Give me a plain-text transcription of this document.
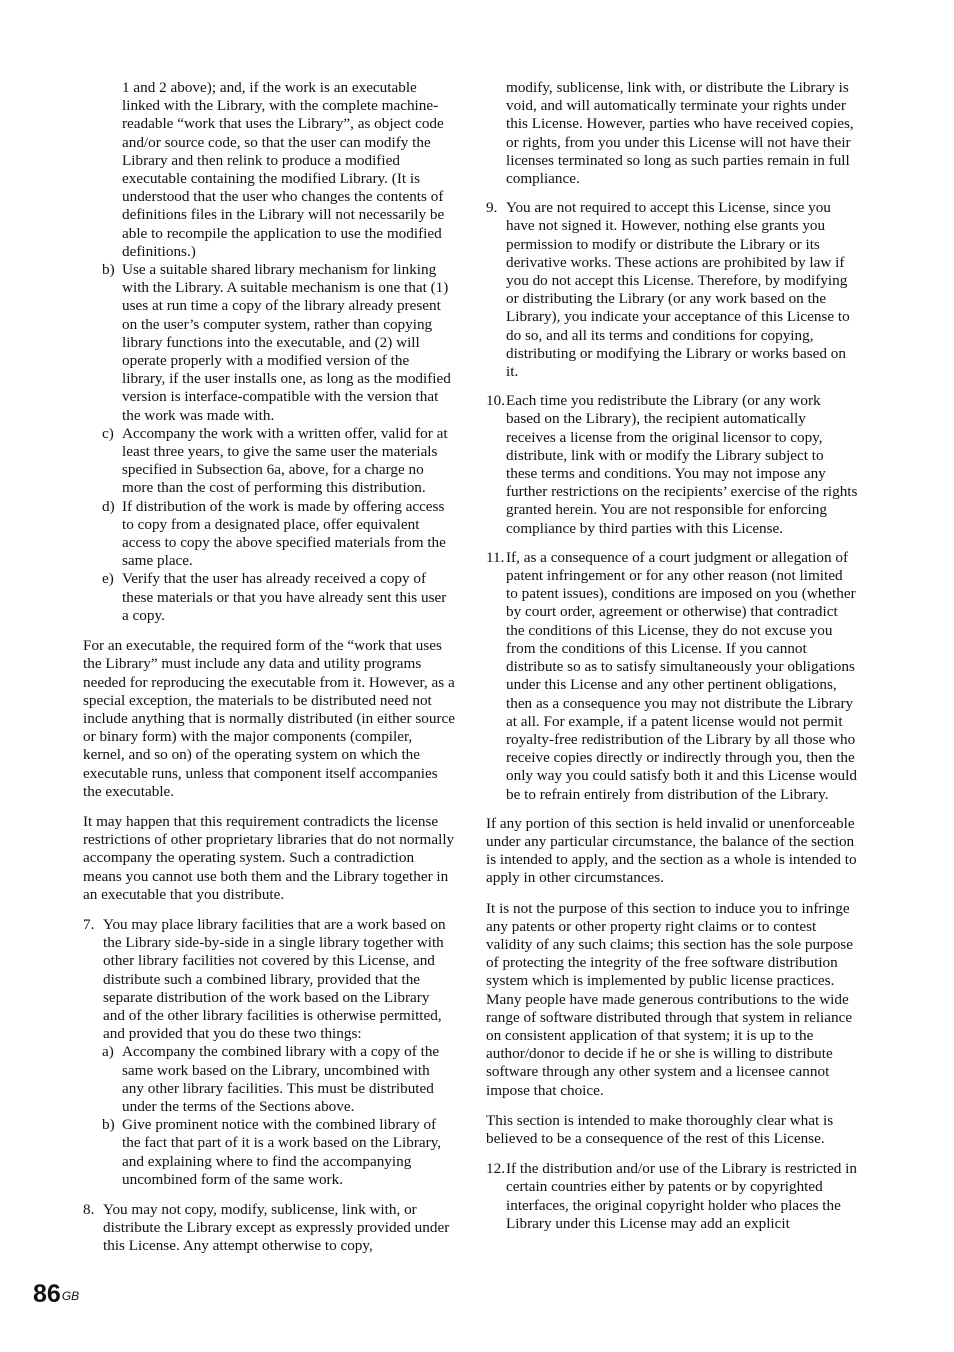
1 and 2 above); and, if the work is an executable linked with the Library, with the complete machine-readable “work that uses the Library”, as object code and/or source code, so that the user can modify the Library and then relink to produce a modified executable containing the modified Library. (It is understood that the user who changes the contents of definitions files in the Library will not necessarily be able to recompile the application to use the modified definitions.)
b) Use a suitable shared library mechanism for linking with the Library. A suitable mechanism is one that (1) uses at run time a copy of the library already present on the user’s computer system, rather than copying library functions into the executable, and (2) will operate properly with a modified version of the library, if the user installs one, as long as the modified version is interface-compatible with the version that the work was made with.
c) Accompany the work with a written offer, valid for at least three years, to give the same user the materials specified in Subsection 6a, above, for a charge no more than the cost of performing this distribution.
d) If distribution of the work is made by offering access to copy from a designated place, offer equivalent access to copy the above specified materials from the same place.
e) Verify that the user has already received a copy of these materials or that you have already sent this user a copy.

For an executable, the required form of the “work that uses the Library” must include any data and utility programs needed for reproducing the executable from it. However, as a special exception, the materials to be distributed need not include anything that is normally distributed (in either source or binary form) with the major components (compiler, kernel, and so on) of the operating system on which the executable runs, unless that component itself accompanies the executable.

It may happen that this requirement contradicts the license restrictions of other proprietary libraries that do not normally accompany the operating system. Such a contradiction means you cannot use both them and the Library together in an executable that you distribute.

7. You may place library facilities that are a work based on the Library side-by-side in a single library together with other library facilities not covered by this License, and distribute such a combined library, provided that the separate distribution of the work based on the Library and of the other library facilities is otherwise permitted, and provided that you do these two things:
a) Accompany the combined library with a copy of the same work based on the Library, uncombined with any other library facilities. This must be distributed under the terms of the Sections above.
b) Give prominent notice with the combined library of the fact that part of it is a work based on the Library, and explaining where to find the accompanying uncombined form of the same work.
8. You may not copy, modify, sublicense, link with, or distribute the Library except as expressly provided under this License. Any attempt otherwise to copy,
modify, sublicense, link with, or distribute the Library is void, and will automatically terminate your rights under this License. However, parties who have received copies, or rights, from you under this License will not have their licenses terminated so long as such parties remain in full compliance.
9. You are not required to accept this License, since you have not signed it. However, nothing else grants you permission to modify or distribute the Library or its derivative works. These actions are prohibited by law if you do not accept this License. Therefore, by modifying or distributing the Library (or any work based on the Library), you indicate your acceptance of this License to do so, and all its terms and conditions for copying, distributing or modifying the Library or works based on it.
10. Each time you redistribute the Library (or any work based on the Library), the recipient automatically receives a license from the original licensor to copy, distribute, link with or modify the Library subject to these terms and conditions. You may not impose any further restrictions on the recipients’ exercise of the rights granted herein. You are not responsible for enforcing compliance by third parties with this License.
11. If, as a consequence of a court judgment or allegation of patent infringement or for any other reason (not limited to patent issues), conditions are imposed on you (whether by court order, agreement or otherwise) that contradict the conditions of this License, they do not excuse you from the conditions of this License. If you cannot distribute so as to satisfy simultaneously your obligations under this License and any other pertinent obligations, then as a consequence you may not distribute the Library at all. For example, if a patent license would not permit royalty-free redistribution of the Library by all those who receive copies directly or indirectly through you, then the only way you could satisfy both it and this License would be to refrain entirely from distribution of the Library.

If any portion of this section is held invalid or unenforceable under any particular circumstance, the balance of the section is intended to apply, and the section as a whole is intended to apply in other circumstances.

It is not the purpose of this section to induce you to infringe any patents or other property right claims or to contest validity of any such claims; this section has the sole purpose of protecting the integrity of the free software distribution system which is implemented by public license practices. Many people have made generous contributions to the wide range of software distributed through that system in reliance on consistent application of that system; it is up to the author/donor to decide if he or she is willing to distribute software through any other system and a licensee cannot impose that choice.

This section is intended to make thoroughly clear what is believed to be a consequence of the rest of this License.

12. If the distribution and/or use of the Library is restricted in certain countries either by patents or by copyrighted interfaces, the original copyright holder who places the Library under this License may add an explicit
$86^{GB}$
